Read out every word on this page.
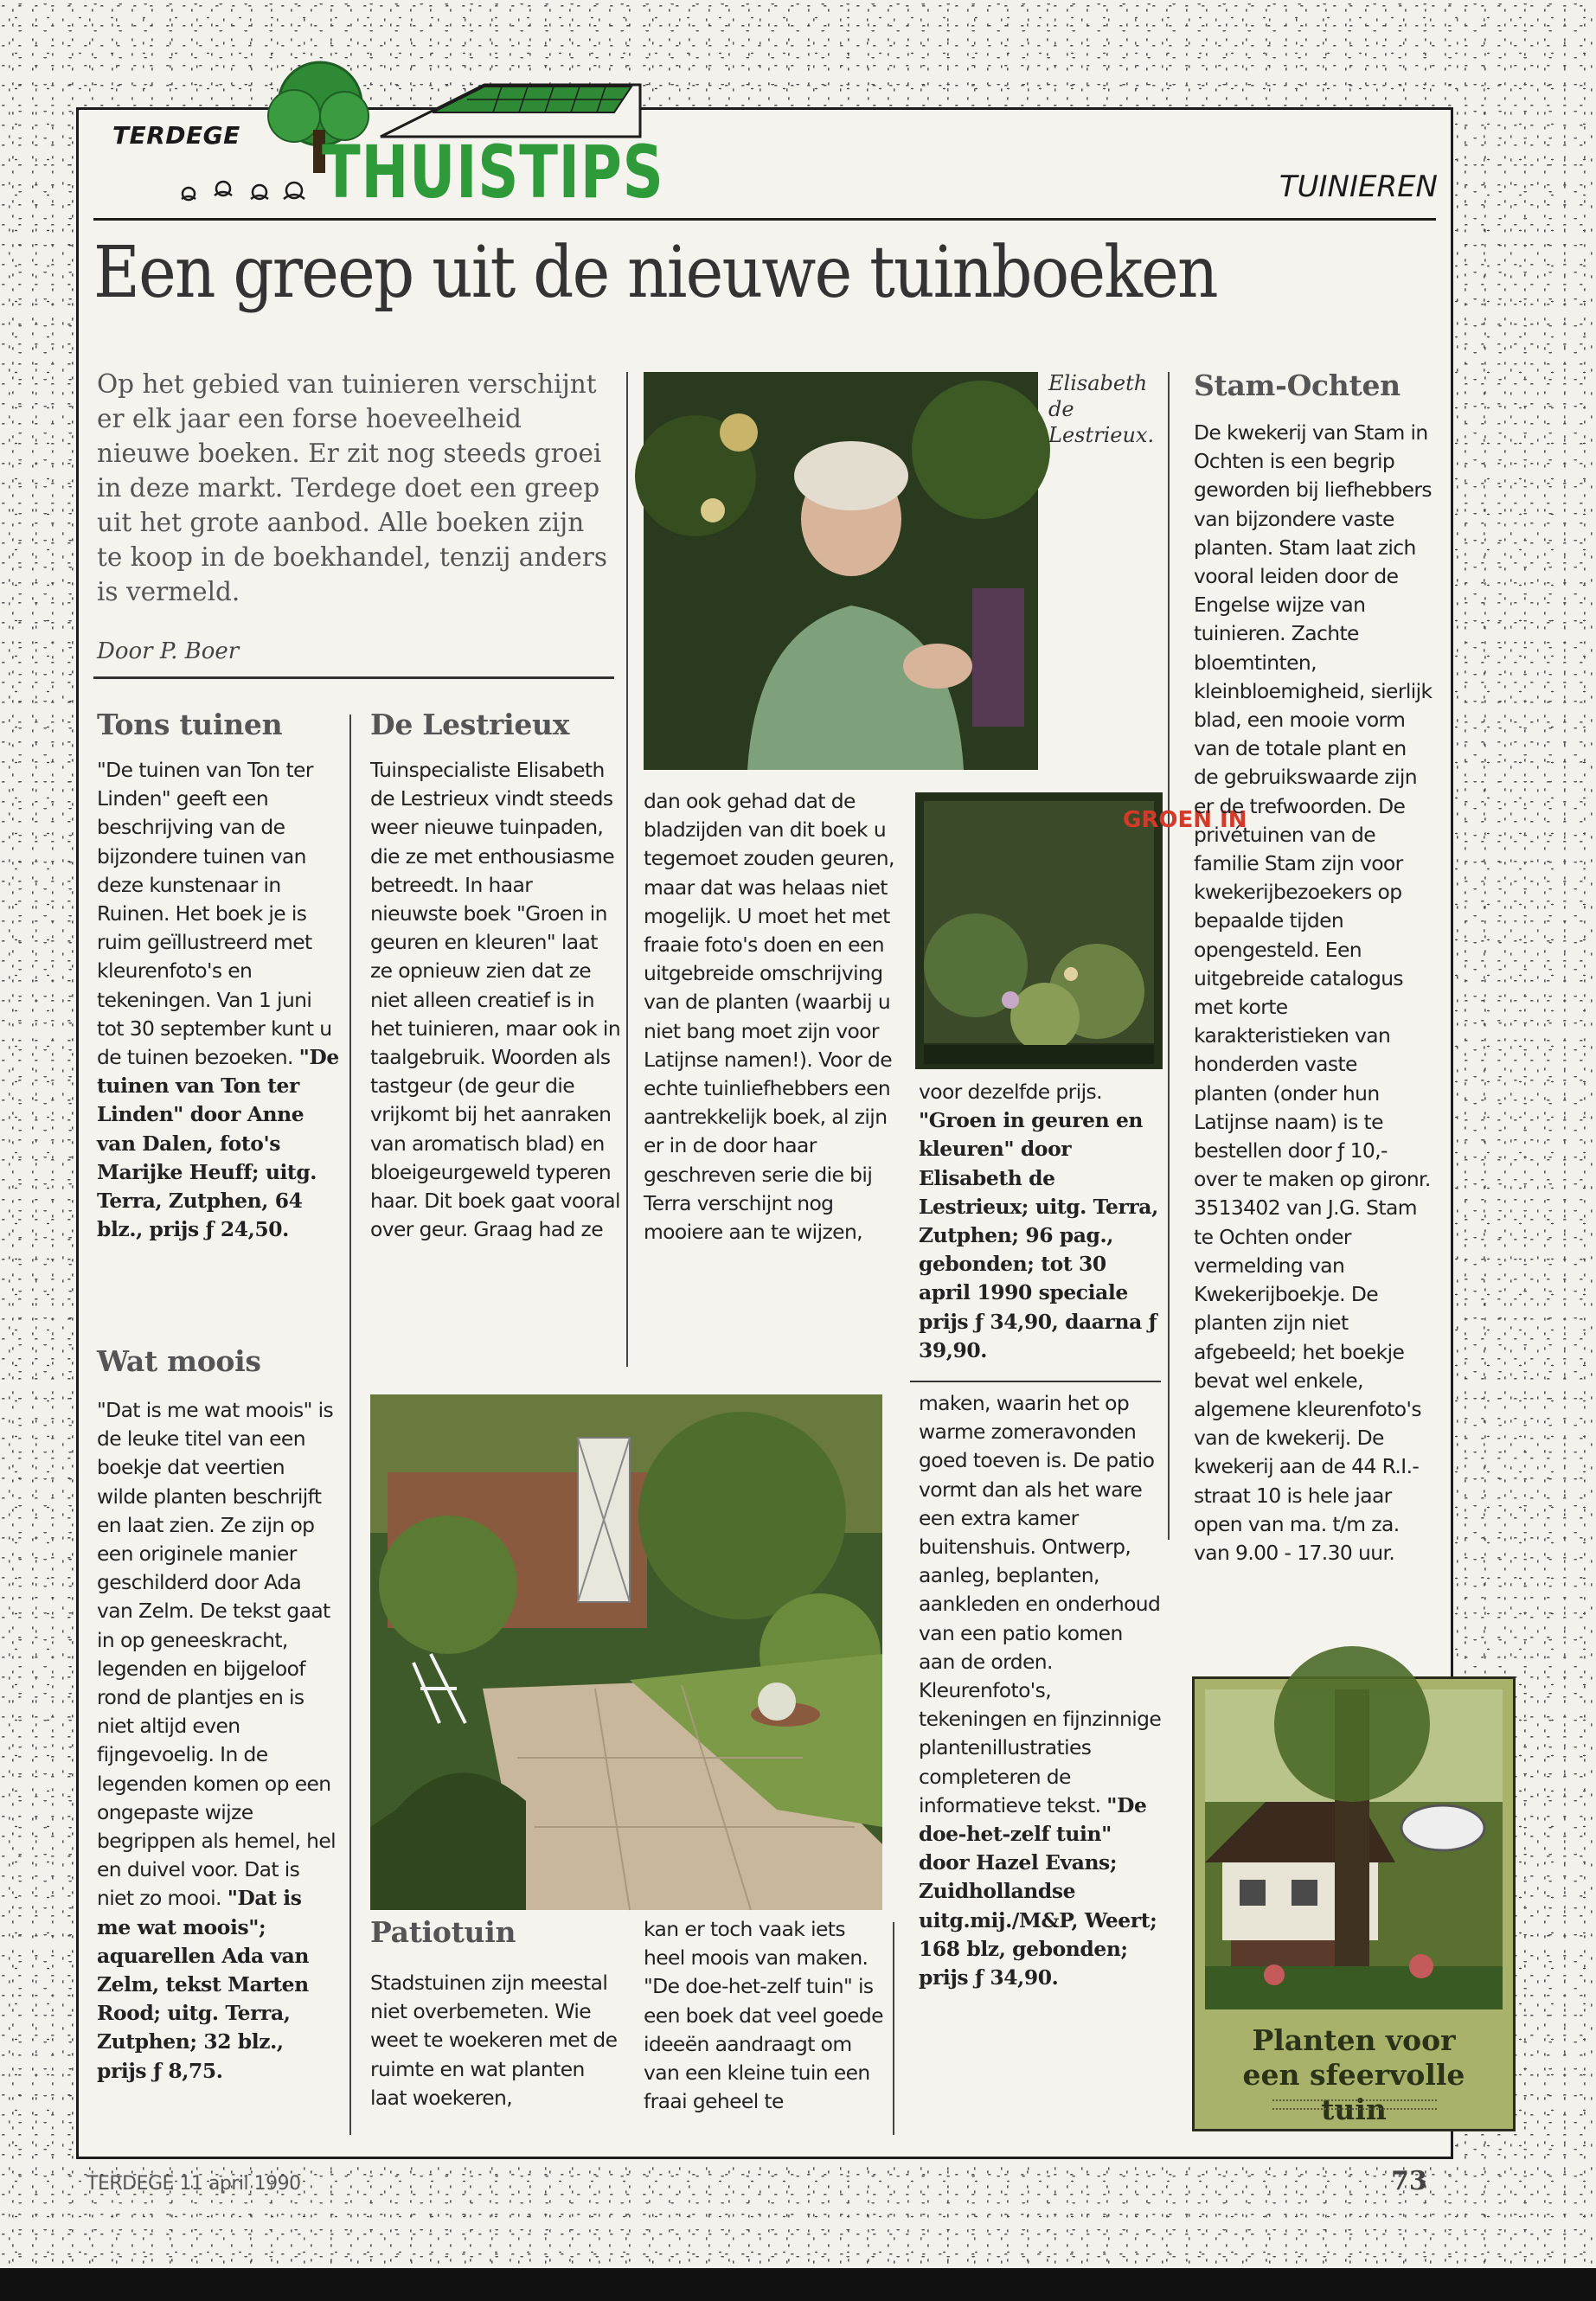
TERDEGE THUISTIPS	TUINIEREN
Een greep uit de nieuwe tuinboeken
Op het gebied van tuinieren verschijnt er elk jaar een forse hoeveelheid nieuwe boeken. Er zit nog steeds groei in deze markt. Terdege doet een greep uit het grote aanbod. Alle boeken zijn te koop in de boekhandel, tenzij anders is vermeld.
Door P. Boer
Elisabeth de Lestrieux.
GROEN IN
Planten voor een sfeervolle tuin
Tons tuinen
"De tuinen van Ton ter Linden" geeft een beschrijving van de bijzondere tuinen van deze kunstenaar in Ruinen. Het boek je is ruim geïllustreerd met kleurenfoto's en tekeningen. Van 1 juni tot 30 september kunt u de tuinen bezoeken. "De tuinen van Ton ter Linden" door Anne van Dalen, foto's Marijke Heuff; uitg. Terra, Zutphen, 64 blz., prijs ƒ 24,50.
Wat moois
"Dat is me wat moois" is de leuke titel van een boekje dat veertien wilde planten beschrijft en laat zien. Ze zijn op een originele manier geschilderd door Ada van Zelm. De tekst gaat in op geneeskracht, legenden en bijgeloof rond de plantjes en is niet altijd even fijngevoelig. In de legenden komen op een ongepaste wijze begrippen als hemel, hel en duivel voor. Dat is niet zo mooi. "Dat is me wat moois"; aquarellen Ada van Zelm, tekst Marten Rood; uitg. Terra, Zutphen; 32 blz., prijs ƒ 8,75.
De Lestrieux
Tuinspecialiste Elisabeth de Lestrieux vindt steeds weer nieuwe tuinpaden, die ze met enthousiasme betreedt. In haar nieuwste boek "Groen in geuren en kleuren" laat ze opnieuw zien dat ze niet alleen creatief is in het tuinieren, maar ook in taalgebruik. Woorden als tastgeur (de geur die vrijkomt bij het aanraken van aromatisch blad) en bloeigeurgeweld typeren haar. Dit boek gaat vooral over geur. Graag had ze
dan ook gehad dat de bladzijden van dit boek u tegemoet zouden geuren, maar dat was helaas niet mogelijk. U moet het met fraaie foto's doen en een uitgebreide omschrijving van de planten (waarbij u niet bang moet zijn voor Latijnse namen!). Voor de echte tuinliefhebbers een aantrekkelijk boek, al zijn er in de door haar geschreven serie die bij Terra verschijnt nog mooiere aan te wijzen,
voor dezelfde prijs. "Groen in geuren en kleuren" door Elisabeth de Lestrieux; uitg. Terra, Zutphen; 96 pag., gebonden; tot 30 april 1990 speciale prijs ƒ 34,90, daarna ƒ 39,90.
Patiotuin
Stadstuinen zijn meestal niet overbemeten. Wie weet te woekeren met de ruimte en wat planten laat woekeren,
kan er toch vaak iets heel moois van maken. "De doe-het-zelf tuin" is een boek dat veel goede ideeën aandraagt om van een kleine tuin een fraai geheel te
maken, waarin het op warme zomeravonden goed toeven is. De patio vormt dan als het ware een extra kamer buitenshuis. Ontwerp, aanleg, beplanten, aankleden en onderhoud van een patio komen aan de orden. Kleurenfoto's, tekeningen en fijnzinnige plantenillustraties completeren de informatieve tekst. "De doe-het-zelf tuin" door Hazel Evans; Zuidhollandse uitg.mij./M&P, Weert; 168 blz, gebonden; prijs ƒ 34,90.
Stam-Ochten
De kwekerij van Stam in Ochten is een begrip geworden bij liefhebbers van bijzondere vaste planten. Stam laat zich vooral leiden door de Engelse wijze van tuinieren. Zachte bloemtinten, kleinbloemigheid, sierlijk blad, een mooie vorm van de totale plant en de gebruikswaarde zijn er de trefwoorden. De privétuinen van de familie Stam zijn voor kwekerijbezoekers op bepaalde tijden opengesteld. Een uitgebreide catalogus met korte karakteristieken van honderden vaste planten (onder hun Latijnse naam) is te bestellen door ƒ 10,- over te maken op gironr. 3513402 van J.G. Stam te Ochten onder vermelding van Kwekerijboekje. De planten zijn niet afgebeeld; het boekje bevat wel enkele, algemene kleurenfoto's van de kwekerij. De kwekerij aan de 44 R.I.-straat 10 is hele jaar open van ma. t/m za. van 9.00 - 17.30 uur.
TERDEGE 11 april 1990	73
